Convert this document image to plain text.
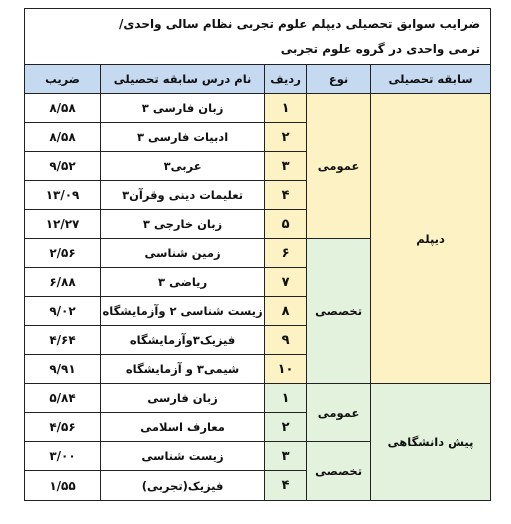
ضرایب سوابق تحصیلی دیپلم علوم تجربی نظام سالی واحدی/
ترمی واحدی در گروه علوم تجربی				

سابقه تحصیلی	نوع	ردیف	نام درس سابقه تحصیلی	ضریب
دیپلم	عمومی	۱	زبان فارسی ۳	۸/۵۸
		۲	ادبیات فارسی ۳	۸/۵۸
		۳	عربی۳	۹/۵۲
		۴	تعلیمات دینی وقرآن۳	۱۳/۰۹
		۵	زبان خارجی ۳	۱۲/۲۷
	تخصصی	۶	زمین شناسی	۲/۵۶
		۷	ریاضی ۳	۶/۸۸
		۸	زیست شناسی ۲ وآزمایشگاه	۹/۰۲
		۹	فیزیک۳وآزمایشگاه	۴/۶۴
		۱۰	شیمی۳ و آزمایشگاه	۹/۹۱
پیش دانشگاهی	عمومی	۱	زبان فارسی	۵/۸۴
		۲	معارف اسلامی	۴/۵۶
	تخصصی	۳	زیست شناسی	۳/۰۰
		۴	فیزیک(تجربی)	۱/۵۵
